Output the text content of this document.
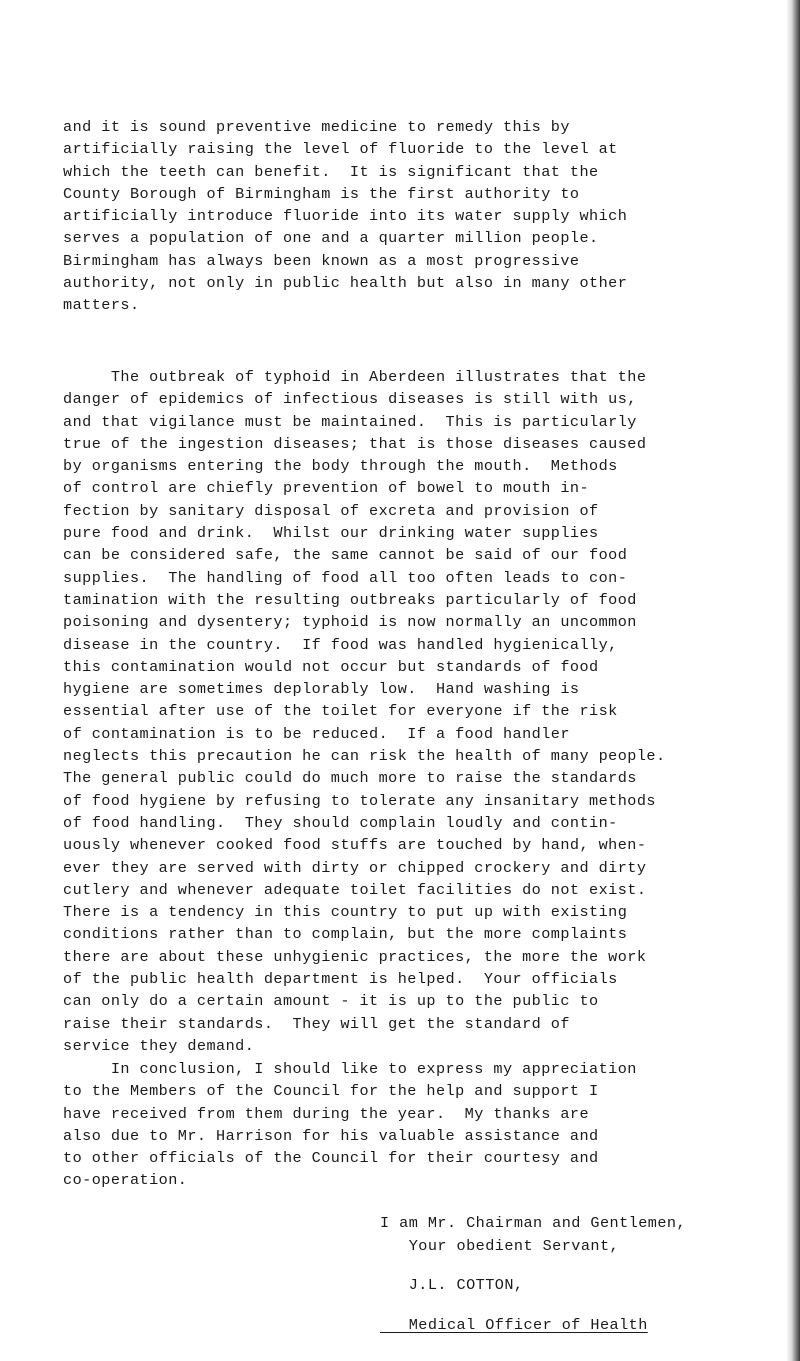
and it is sound preventive medicine to remedy this by
artificially raising the level of fluoride to the level at
which the teeth can benefit.  It is significant that the
County Borough of Birmingham is the first authority to
artificially introduce fluoride into its water supply which
serves a population of one and a quarter million people.
Birmingham has always been known as a most progressive
authority, not only in public health but also in many other
matters.
The outbreak of typhoid in Aberdeen illustrates that the
danger of epidemics of infectious diseases is still with us,
and that vigilance must be maintained.  This is particularly
true of the ingestion diseases; that is those diseases caused
by organisms entering the body through the mouth.  Methods
of control are chiefly prevention of bowel to mouth in-
fection by sanitary disposal of excreta and provision of
pure food and drink.  Whilst our drinking water supplies
can be considered safe, the same cannot be said of our food
supplies.  The handling of food all too often leads to con-
tamination with the resulting outbreaks particularly of food
poisoning and dysentery; typhoid is now normally an uncommon
disease in the country.  If food was handled hygienically,
this contamination would not occur but standards of food
hygiene are sometimes deplorably low.  Hand washing is
essential after use of the toilet for everyone if the risk
of contamination is to be reduced.  If a food handler
neglects this precaution he can risk the health of many people.
The general public could do much more to raise the standards
of food hygiene by refusing to tolerate any insanitary methods
of food handling.  They should complain loudly and contin-
uously whenever cooked food stuffs are touched by hand, when-
ever they are served with dirty or chipped crockery and dirty
cutlery and whenever adequate toilet facilities do not exist.
There is a tendency in this country to put up with existing
conditions rather than to complain, but the more complaints
there are about these unhygienic practices, the more the work
of the public health department is helped.  Your officials
can only do a certain amount - it is up to the public to
raise their standards.  They will get the standard of
service they demand.
In conclusion, I should like to express my appreciation
to the Members of the Council for the help and support I
have received from them during the year.  My thanks are
also due to Mr. Harrison for his valuable assistance and
to other officials of the Council for their courtesy and
co-operation.

I am Mr. Chairman and Gentlemen,

Your obedient Servant,

J.L. COTTON,

Medical Officer of Health
